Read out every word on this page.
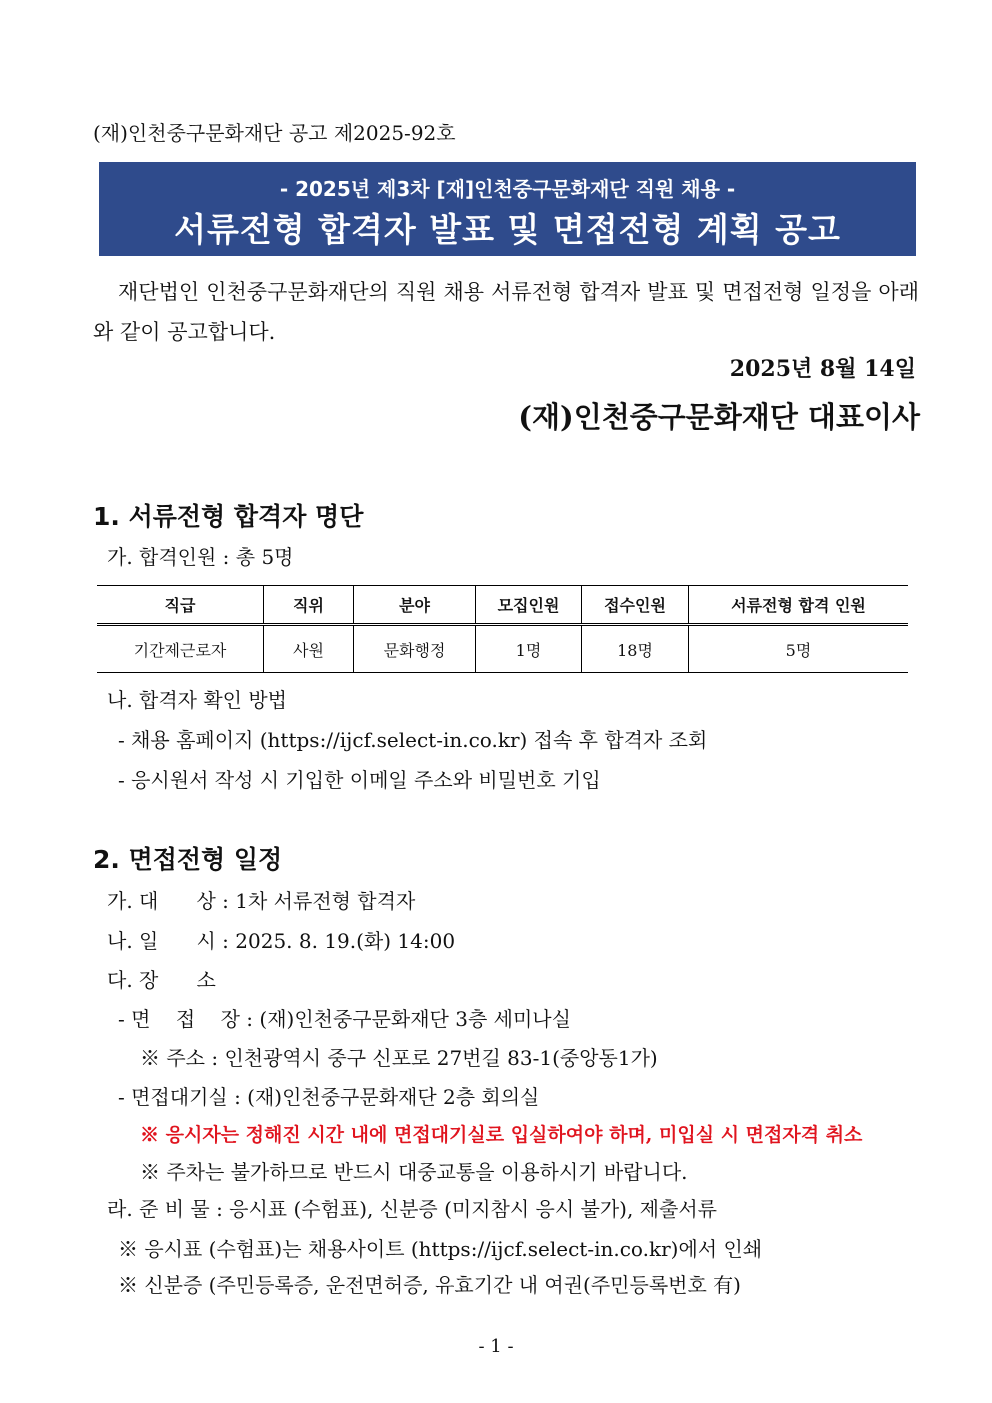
(재)인천중구문화재단 공고 제2025-92호
- 2025년 제3차 [재]인천중구문화재단 직원 채용 -
서류전형 합격자 발표 및 면접전형 계획 공고
재단법인 인천중구문화재단의 직원 채용 서류전형 합격자 발표 및 면접전형 일정을 아래와 같이 공고합니다.
2025년 8월 14일
(재)인천중구문화재단 대표이사
1. 서류전형 합격자 명단
가. 합격인원 : 총 5명
직급	직위	분야	모집인원	접수인원	서류전형 합격 인원
기간제근로자	사원	문화행정	1명	18명	5명
나. 합격자 확인 방법
- 채용 홈페이지 (https://ijcf.select-in.co.kr) 접속 후 합격자 조회
- 응시원서 작성 시 기입한 이메일 주소와 비밀번호 기입
2. 면접전형 일정
가. 대      상 : 1차 서류전형 합격자
나. 일      시 : 2025. 8. 19.(화) 14:00
다. 장      소
- 면    접    장 : (재)인천중구문화재단 3층 세미나실
※ 주소 : 인천광역시 중구 신포로 27번길 83-1(중앙동1가)
- 면접대기실 : (재)인천중구문화재단 2층 회의실
※ 응시자는 정해진 시간 내에 면접대기실로 입실하여야 하며, 미입실 시 면접자격 취소
※ 주차는 불가하므로 반드시 대중교통을 이용하시기 바랍니다.
라. 준 비 물 : 응시표 (수험표), 신분증 (미지참시 응시 불가), 제출서류
※ 응시표 (수험표)는 채용사이트 (https://ijcf.select-in.co.kr)에서 인쇄
※ 신분증 (주민등록증, 운전면허증, 유효기간 내 여권(주민등록번호 有)
- 1 -
